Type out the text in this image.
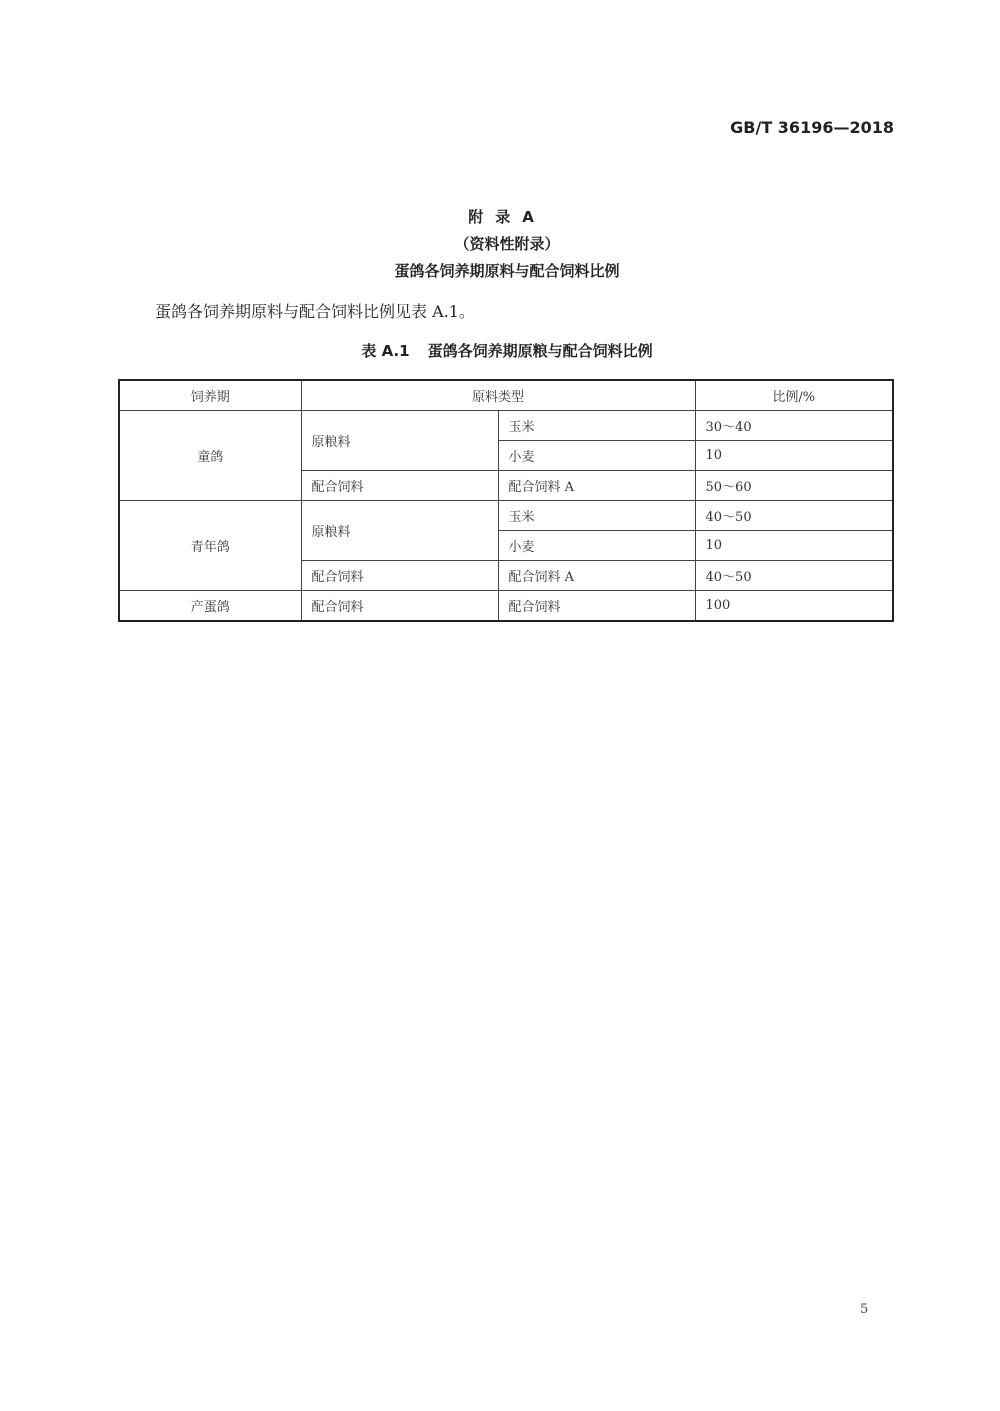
GB/T 36196—2018
附录A
（资料性附录）
蛋鸽各饲养期原料与配合饲料比例
蛋鸽各饲养期原料与配合饲料比例见表 A.1。
表 A.1 蛋鸽各饲养期原粮与配合饲料比例
饲养期	原料类型		比例/%
童鸽	原粮料	玉米	30～40
		小麦	10
	配合饲料	配合饲料 A	50～60
青年鸽	原粮料	玉米	40～50
		小麦	10
	配合饲料	配合饲料 A	40～50
产蛋鸽	配合饲料	配合饲料	100
5
